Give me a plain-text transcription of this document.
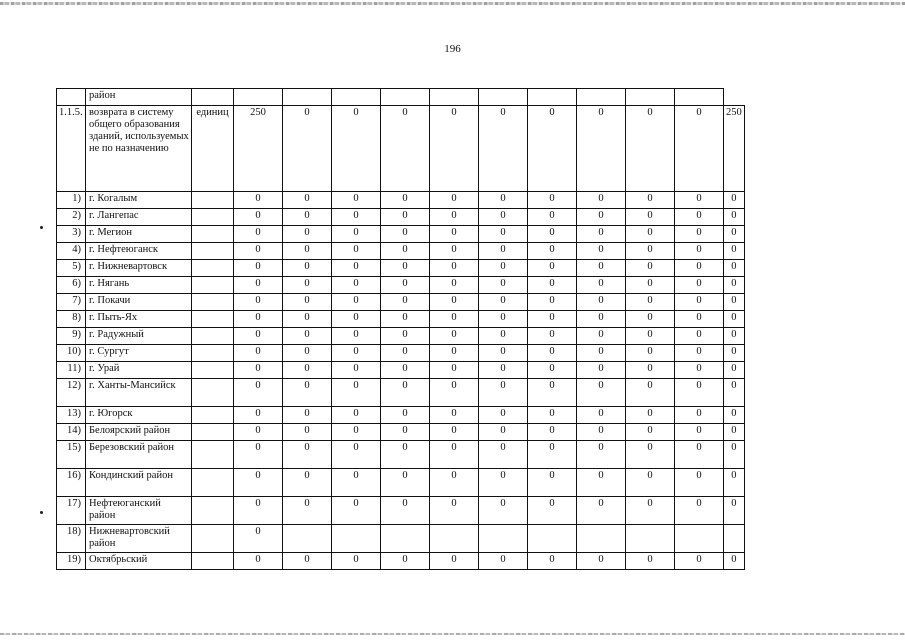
196
	район												
1.1.5.	возврата в систему общего образования зданий, используемых не по назначению	единиц	250	0	0	0	0	0	0	0	0	0	250
1)	г. Когалым		0	0	0	0	0	0	0	0	0	0	0
2)	г. Лангепас		0	0	0	0	0	0	0	0	0	0	0
3)	г. Мегион		0	0	0	0	0	0	0	0	0	0	0
4)	г. Нефтеюганск		0	0	0	0	0	0	0	0	0	0	0
5)	г. Нижневартовск		0	0	0	0	0	0	0	0	0	0	0
6)	г. Нягань		0	0	0	0	0	0	0	0	0	0	0
7)	г. Покачи		0	0	0	0	0	0	0	0	0	0	0
8)	г. Пыть-Ях		0	0	0	0	0	0	0	0	0	0	0
9)	г. Радужный		0	0	0	0	0	0	0	0	0	0	0
10)	г. Сургут		0	0	0	0	0	0	0	0	0	0	0
11)	г. Урай		0	0	0	0	0	0	0	0	0	0	0
12)	г. Ханты-Мансийск		0	0	0	0	0	0	0	0	0	0	0
13)	г. Югорск		0	0	0	0	0	0	0	0	0	0	0
14)	Белоярский район		0	0	0	0	0	0	0	0	0	0	0
15)	Березовский район		0	0	0	0	0	0	0	0	0	0	0
16)	Кондинский район		0	0	0	0	0	0	0	0	0	0	0
17)	Нефтеюганский район		0	0	0	0	0	0	0	0	0	0	0
18)	Нижневартовский район		0										
19)	Октябрьский		0	0	0	0	0	0	0	0	0	0	0
